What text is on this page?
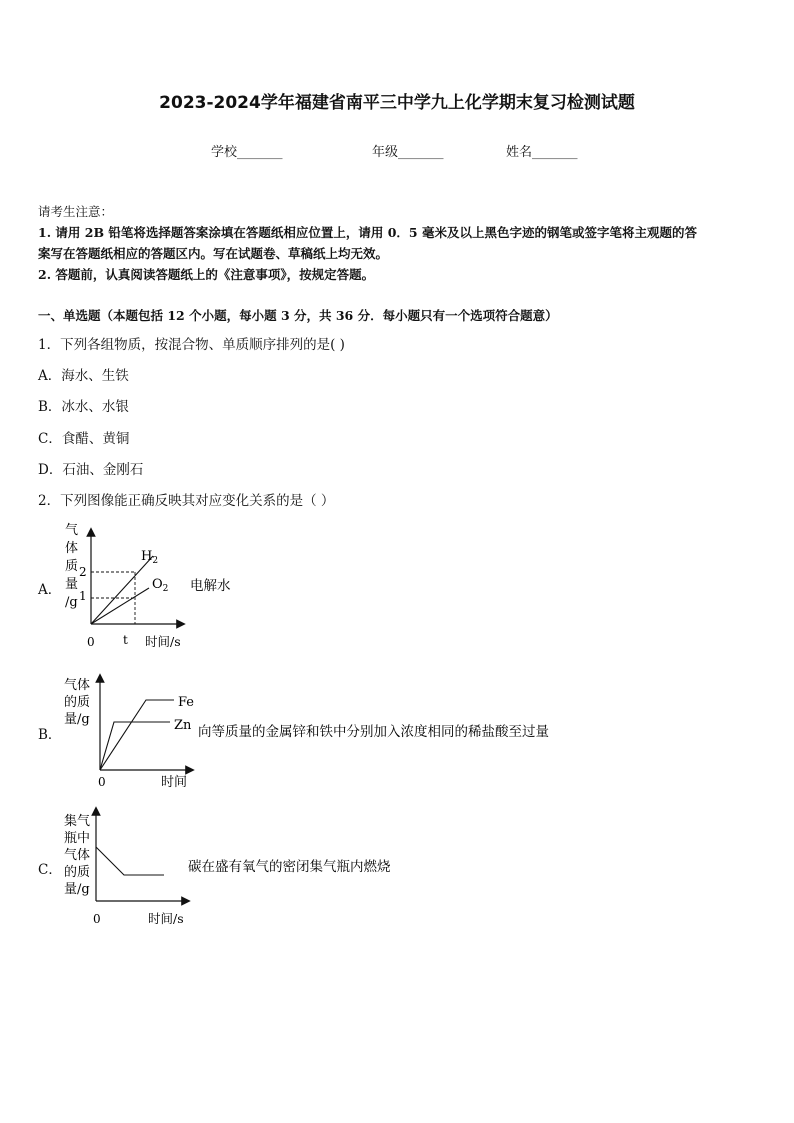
2023-2024学年福建省南平三中学九上化学期末复习检测试题
学校_______	年级_______	姓名_______
请考生注意：
1. 请用 2B 铅笔将选择题答案涂填在答题纸相应位置上，请用 0．5 毫米及以上黑色字迹的钢笔或签字笔将主观题的答
案写在答题纸相应的答题区内。写在试题卷、草稿纸上均无效。
2. 答题前，认真阅读答题纸上的《注意事项》，按规定答题。
一、单选题（本题包括 12 个小题，每小题 3 分，共 36 分．每小题只有一个选项符合题意）
1．下列各组物质，按混合物、单质顺序排列的是( )
A．海水、生铁
B．冰水、水银
C．食醋、黄铜
D．石油、金刚石
2．下列图像能正确反映其对应变化关系的是（ ）
A．
气
体
质
量
/g
2
1
$H_2$
$O_2$
0 t 时间/s
电解水
B．
气体
的质
量/g
Fe
Zn
0	时间
向等质量的金属锌和铁中分别加入浓度相同的稀盐酸至过量
C．
集气
瓶中
气体
的质
量/g
0	时间/s
碳在盛有氧气的密闭集气瓶内燃烧
